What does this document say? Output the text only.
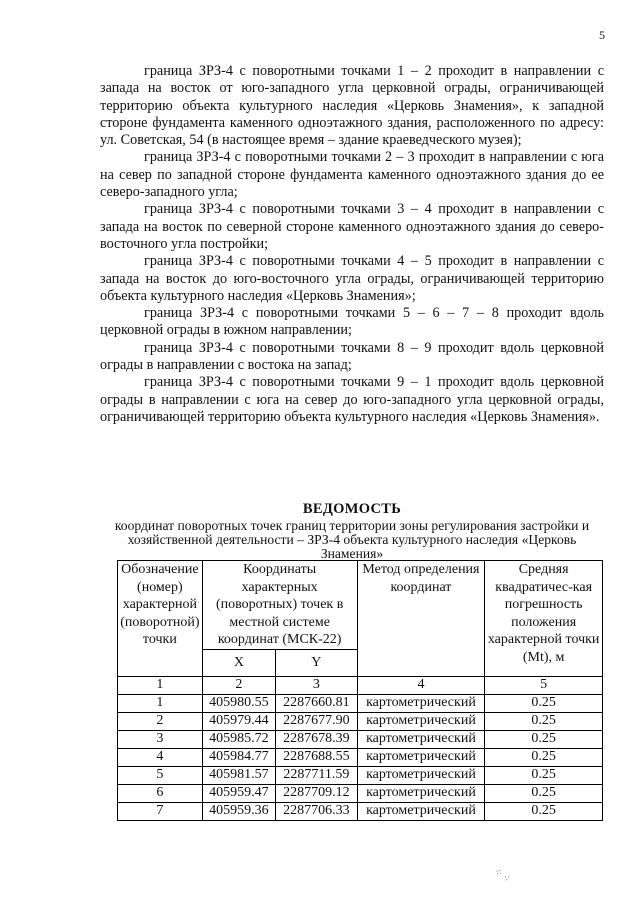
5

граница ЗРЗ-4 с поворотными точками 1 – 2 проходит в направлении с запада на восток от юго-западного угла церковной ограды, ограничивающей территорию объекта культурного наследия «Церковь Знамения», к западной стороне фундамента каменного одноэтажного здания, расположенного по адресу: ул. Советская, 54 (в настоящее время – здание краеведческого музея);

граница ЗРЗ-4 с поворотными точками 2 – 3 проходит в направлении с юга на север по западной стороне фундамента каменного одноэтажного здания до ее северо-западного угла;

граница ЗРЗ-4 с поворотными точками 3 – 4 проходит в направлении с запада на восток по северной стороне каменного одноэтажного здания до северо-восточного угла постройки;

граница ЗРЗ-4 с поворотными точками 4 – 5 проходит в направлении с запада на восток до юго-восточного угла ограды, ограничивающей территорию объекта культурного наследия «Церковь Знамения»;

граница ЗРЗ-4 с поворотными точками 5 – 6 – 7 – 8 проходит вдоль церковной ограды в южном направлении;

граница ЗРЗ-4 с поворотными точками 8 – 9 проходит вдоль церковной ограды в направлении с востока на запад;

граница ЗРЗ-4 с поворотными точками 9 – 1 проходит вдоль церковной ограды в направлении с юга на север до юго-западного угла церковной ограды, ограничивающей территорию объекта культурного наследия «Церковь Знамения».

ВЕДОМОСТЬ
координат поворотных точек границ территории зоны регулирования застройки и хозяйственной деятельности – ЗРЗ-4 объекта культурного наследия «Церковь Знамения»
Обозначение (номер) характерной (поворотной) точки	Координаты характерных (поворотных) точек в местной системе координат (МСК-22)		Метод определения координат	Средняя квадратичес-кая погрешность положения характерной точки (Mt), м
	X	Y		
1	2	3	4	5
1	405980.55	2287660.81	картометрический	0.25
2	405979.44	2287677.90	картометрический	0.25
3	405985.72	2287678.39	картометрический	0.25
4	405984.77	2287688.55	картометрический	0.25
5	405981.57	2287711.59	картометрический	0.25
6	405959.47	2287709.12	картометрический	0.25
7	405959.36	2287706.33	картометрический	0.25
⁘ ⁖
